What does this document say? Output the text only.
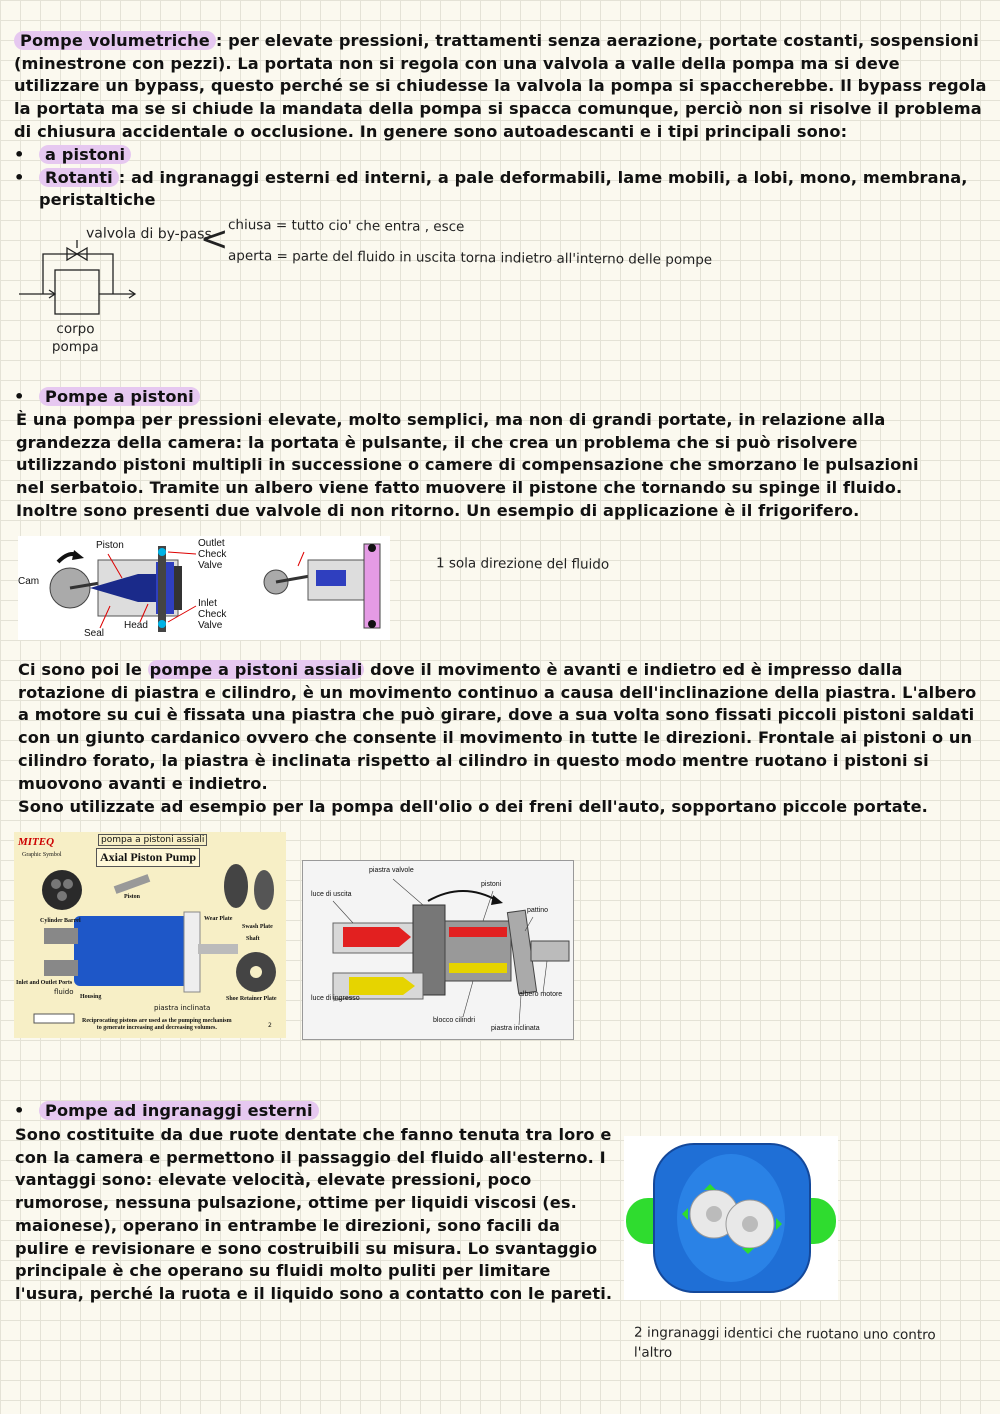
Pompe volumetriche : per elevate pressioni, trattamenti senza aerazione, portate costanti, sospensioni (minestrone con pezzi). La portata non si regola con una valvola a valle della pompa ma si deve utilizzare un bypass, questo perché se si chiudesse la valvola la pompa si spaccherebbe. Il bypass regola la portata ma se si chiude la mandata della pompa si spacca comunque, perciò non si risolve il problema di chiusura accidentale o occlusione. In genere sono autoadescanti e i tipi principali sono:
• a pistoni
• Rotanti : ad ingranaggi esterni ed interni, a pale deformabili, lame mobili, a lobi, mono, membrana, peristaltiche
valvola di by-pass
< chiusa = tutto cio' che entra , esce
aperta = parte del fluido in uscita torna indietro all'interno delle pompe
corpo
pompa
• Pompe a pistoni
È una pompa per pressioni elevate, molto semplici, ma non di grandi portate, in relazione alla grandezza della camera: la portata è pulsante, il che crea un problema che si può risolvere utilizzando pistoni multipli in successione o camere di compensazione che smorzano le pulsazioni nel serbatoio. Tramite un albero viene fatto muovere il pistone che tornando su spinge il fluido. Inoltre sono presenti due valvole di non ritorno. Un esempio di applicazione è il frigorifero.
Cam
Piston	Outlet
Check
Valve
Inlet
Check
Valve
Head
Seal
1 sola direzione del fluido
Ci sono poi le pompe a pistoni assiali dove il movimento è avanti e indietro ed è impresso dalla rotazione di piastra e cilindro, è un movimento continuo a causa dell'inclinazione della piastra. L'albero a motore su cui è fissata una piastra che può girare, dove a sua volta sono fissati piccoli pistoni saldati con un giunto cardanico ovvero che consente il movimento in tutte le direzioni. Frontale ai pistoni o un cilindro forato, la piastra è inclinata rispetto al cilindro in questo modo mentre ruotano i pistoni si muovono avanti e indietro.
Sono utilizzate ad esempio per la pompa dell'olio o dei freni dell'auto, sopportano piccole portate.
MITEQ
Graphic Symbol
pompa a pistoni assiali
Axial Piston Pump
Piston
Cylinder Barrel	Wear Plate
Swash Plate
Shaft
Inlet and Outlet Ports
fluido
Housing
piastra inclinata
Shoe Retainer Plate
Reciprocating pistons are used as the pumping mechanism
to generate increasing and decreasing volumes.	2
piastra valvole
pistoni
luce di uscita
pattino
luce di ingresso
albero motore
blocco cilindri
piastra inclinata
• Pompe ad ingranaggi esterni
Sono costituite da due ruote dentate che fanno tenuta tra loro e con la camera e permettono il passaggio del fluido all'esterno. I vantaggi sono: elevate velocità, elevate pressioni, poco rumorose, nessuna pulsazione, ottime per liquidi viscosi (es. maionese), operano in entrambe le direzioni, sono facili da pulire e revisionare e sono costruibili su misura. Lo svantaggio principale è che operano su fluidi molto puliti per limitare l'usura, perché la ruota e il liquido sono a contatto con le pareti.
2 ingranaggi identici che ruotano uno contro l'altro
